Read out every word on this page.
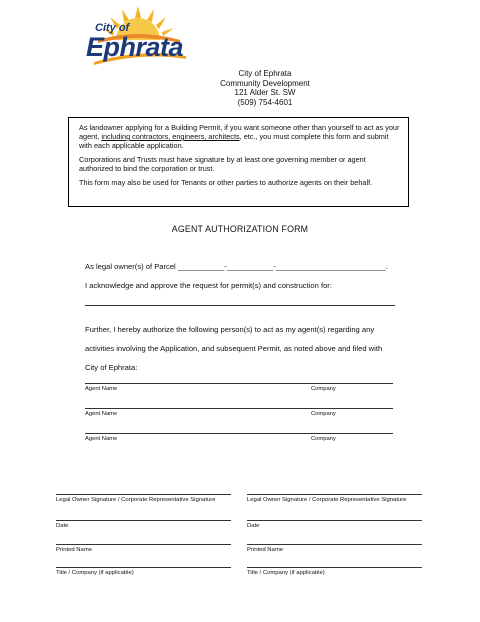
City of
Ephrata
City of Ephrata
Community Development
121 Alder St. SW
(509) 754-4601

As landowner applying for a Building Permit, if you want someone other than yourself to act as your agent, including contractors, engineers, architects, etc., you must complete this form and submit with each applicable application.

Corporations and Trusts must have signature by at least one governing member or agent authorized to bind the corporation or trust.

This form may also be used for Tenants or other parties to authorize agents on their behalf.

AGENT AUTHORIZATION FORM
As legal owner(s) of Parcel ___________-___________-__________________________.
I acknowledge and approve the request for permit(s) and construction for:
Further, I hereby authorize the following person(s) to act as my agent(s) regarding any
activities involving the Application, and subsequent Permit, as noted above and filed with
City of Ephrata:
Agent Name	Company
Agent Name	Company
Agent Name	Company
Legal Owner Signature / Corporate Representative Signature
Date
Printed Name
Title / Company (if applicable)
Legal Owner Signature / Corporate Representative Signature
Date
Printed Name
Title / Company (if applicable)
